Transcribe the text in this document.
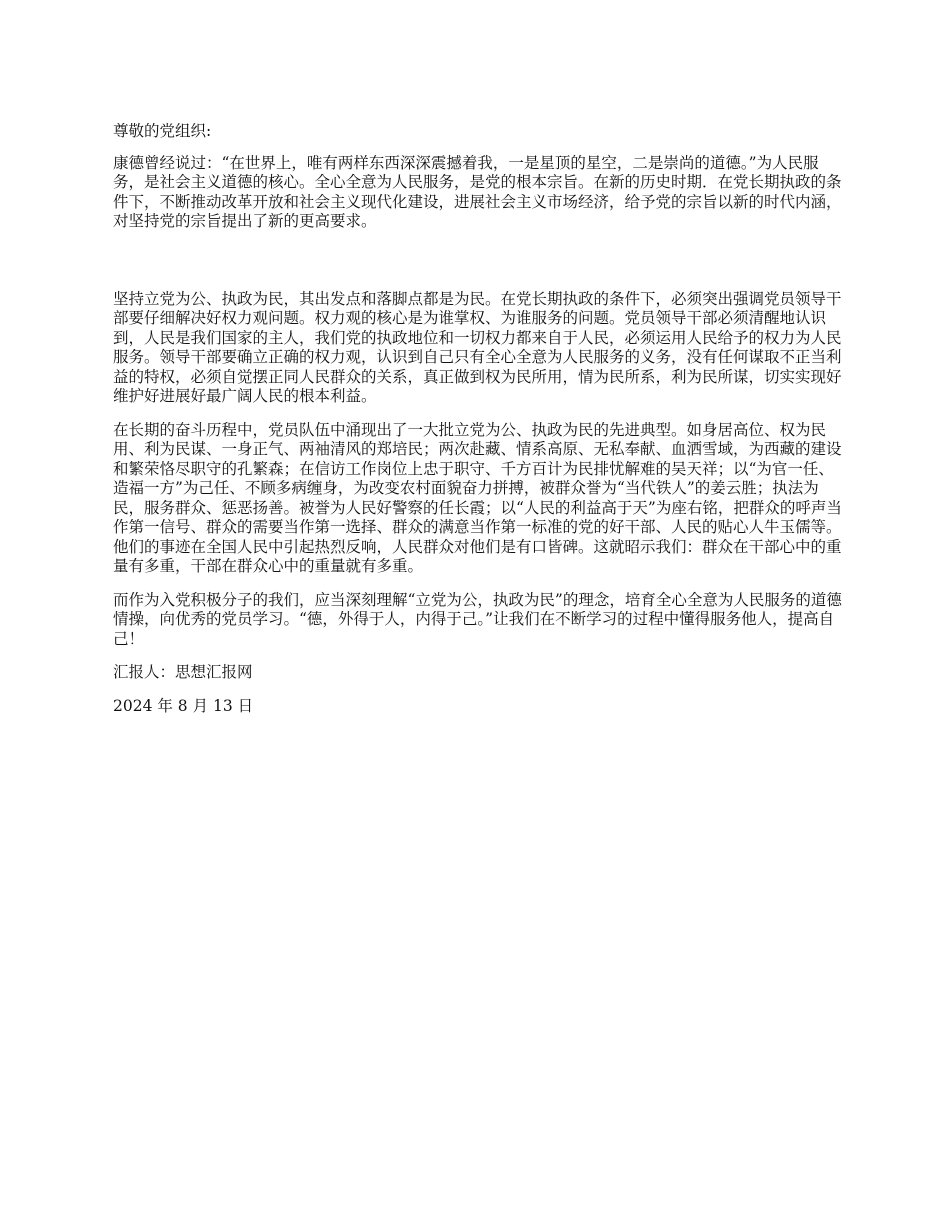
尊敬的党组织:

康德曾经说过：“在世界上，唯有两样东西深深震撼着我，一是星顶的星空，二是崇尚的道德。”为人民服务，是社会主义道德的核心。全心全意为人民服务，是党的根本宗旨。在新的历史时期．在党长期执政的条件下，不断推动改革开放和社会主义现代化建设，进展社会主义市场经济，给予党的宗旨以新的时代内涵，对坚持党的宗旨提出了新的更高要求。

坚持立党为公、执政为民，其出发点和落脚点都是为民。在党长期执政的条件下，必须突出强调党员领导干部要仔细解决好权力观问题。权力观的核心是为谁掌权、为谁服务的问题。党员领导干部必须清醒地认识到，人民是我们国家的主人，我们党的执政地位和一切权力都来自于人民，必须运用人民给予的权力为人民服务。领导干部要确立正确的权力观，认识到自己只有全心全意为人民服务的义务，没有任何谋取不正当利益的特权，必须自觉摆正同人民群众的关系，真正做到权为民所用，情为民所系，利为民所谋，切实实现好维护好进展好最广阔人民的根本利益。

在长期的奋斗历程中，党员队伍中涌现出了一大批立党为公、执政为民的先进典型。如身居高位、权为民用、利为民谋、一身正气、两袖清风的郑培民；两次赴藏、情系高原、无私奉献、血洒雪域，为西藏的建设和繁荣恪尽职守的孔繁森；在信访工作岗位上忠于职守、千方百计为民排忧解难的吴天祥；以“为官一任、造福一方”为己任、不顾多病缠身，为改变农村面貌奋力拼搏，被群众誉为“当代铁人”的姜云胜；执法为民，服务群众、惩恶扬善。被誉为人民好警察的任长霞；以“人民的利益高于天”为座右铭，把群众的呼声当作第一信号、群众的需要当作第一选择、群众的满意当作第一标准的党的好干部、人民的贴心人牛玉儒等。他们的事迹在全国人民中引起热烈反响，人民群众对他们是有口皆碑。这就昭示我们：群众在干部心中的重量有多重，干部在群众心中的重量就有多重。

而作为入党积极分子的我们，应当深刻理解“立党为公，执政为民”的理念，培育全心全意为人民服务的道德情操，向优秀的党员学习。“德，外得于人，内得于己。”让我们在不断学习的过程中懂得服务他人，提高自己！

汇报人：思想汇报网

2024 年 8 月 13 日
